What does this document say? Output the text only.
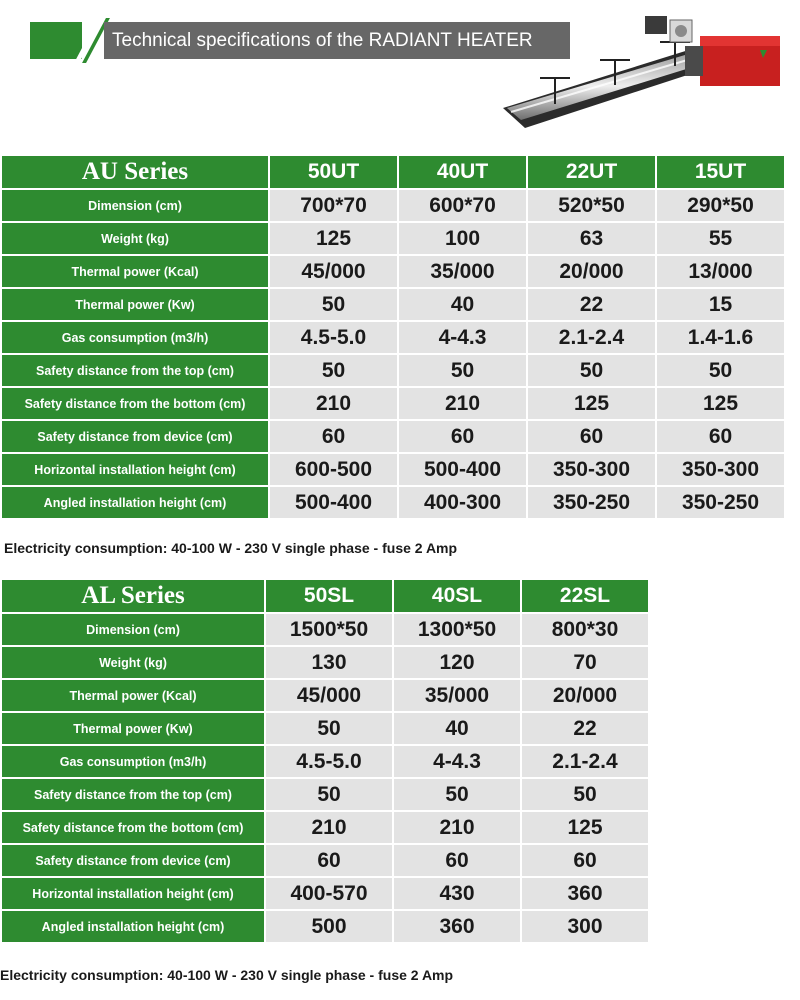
Technical specifications of the RADIANT HEATER
AU Series	50UT	40UT	22UT	15UT
Dimension (cm)	700*70	600*70	520*50	290*50
Weight (kg)	125	100	63	55
Thermal power (Kcal)	45/000	35/000	20/000	13/000
Thermal power (Kw)	50	40	22	15
Gas consumption (m3/h)	4.5-5.0	4-4.3	2.1-2.4	1.4-1.6
Safety distance from the top (cm)	50	50	50	50
Safety distance from the bottom (cm)	210	210	125	125
Safety distance from device (cm)	60	60	60	60
Horizontal installation height (cm)	600-500	500-400	350-300	350-300
Angled installation height (cm)	500-400	400-300	350-250	350-250
Electricity consumption: 40-100 W - 230 V single phase - fuse 2 Amp
AL Series	50SL	40SL	22SL
Dimension (cm)	1500*50	1300*50	800*30
Weight (kg)	130	120	70
Thermal power (Kcal)	45/000	35/000	20/000
Thermal power (Kw)	50	40	22
Gas consumption (m3/h)	4.5-5.0	4-4.3	2.1-2.4
Safety distance from the top (cm)	50	50	50
Safety distance from the bottom (cm)	210	210	125
Safety distance from device (cm)	60	60	60
Horizontal installation height (cm)	400-570	430	360
Angled installation height (cm)	500	360	300
Electricity consumption: 40-100 W - 230 V single phase - fuse 2 Amp
